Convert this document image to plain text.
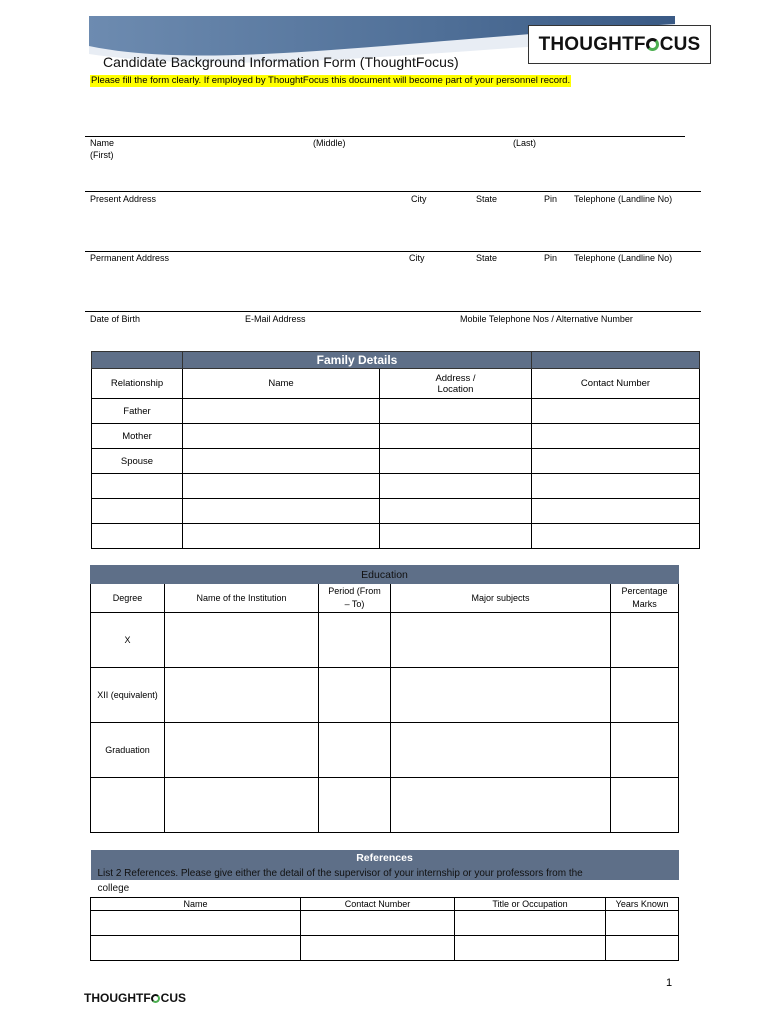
THOUGHTF CUS
Candidate Background Information Form (ThoughtFocus)
Please fill the form clearly. If employed by ThoughtFocus this document will become part of your personnel record.
Name
(First)
(Middle)	(Last)
Present Address	City	State	Pin Telephone (Landline No)
Permanent Address	City	State	Pin Telephone (Landline No)
Date of Birth	E-Mail Address	Mobile Telephone Nos / Alternative Number
	Family Details		
Relationship	Name	Address / Location	Contact Number
Father			
Mother			
Spouse			

Education				
Degree	Name of the Institution	Period (From – To)	Major subjects	Percentage Marks
X				
XII (equivalent)				
Graduation				

References			
List 2 References. Please give either the detail of the supervisor of your internship or your professors from the			
college			
Name	Contact Number	Title or Occupation	Years Known

1
THOUGHTF CUS
